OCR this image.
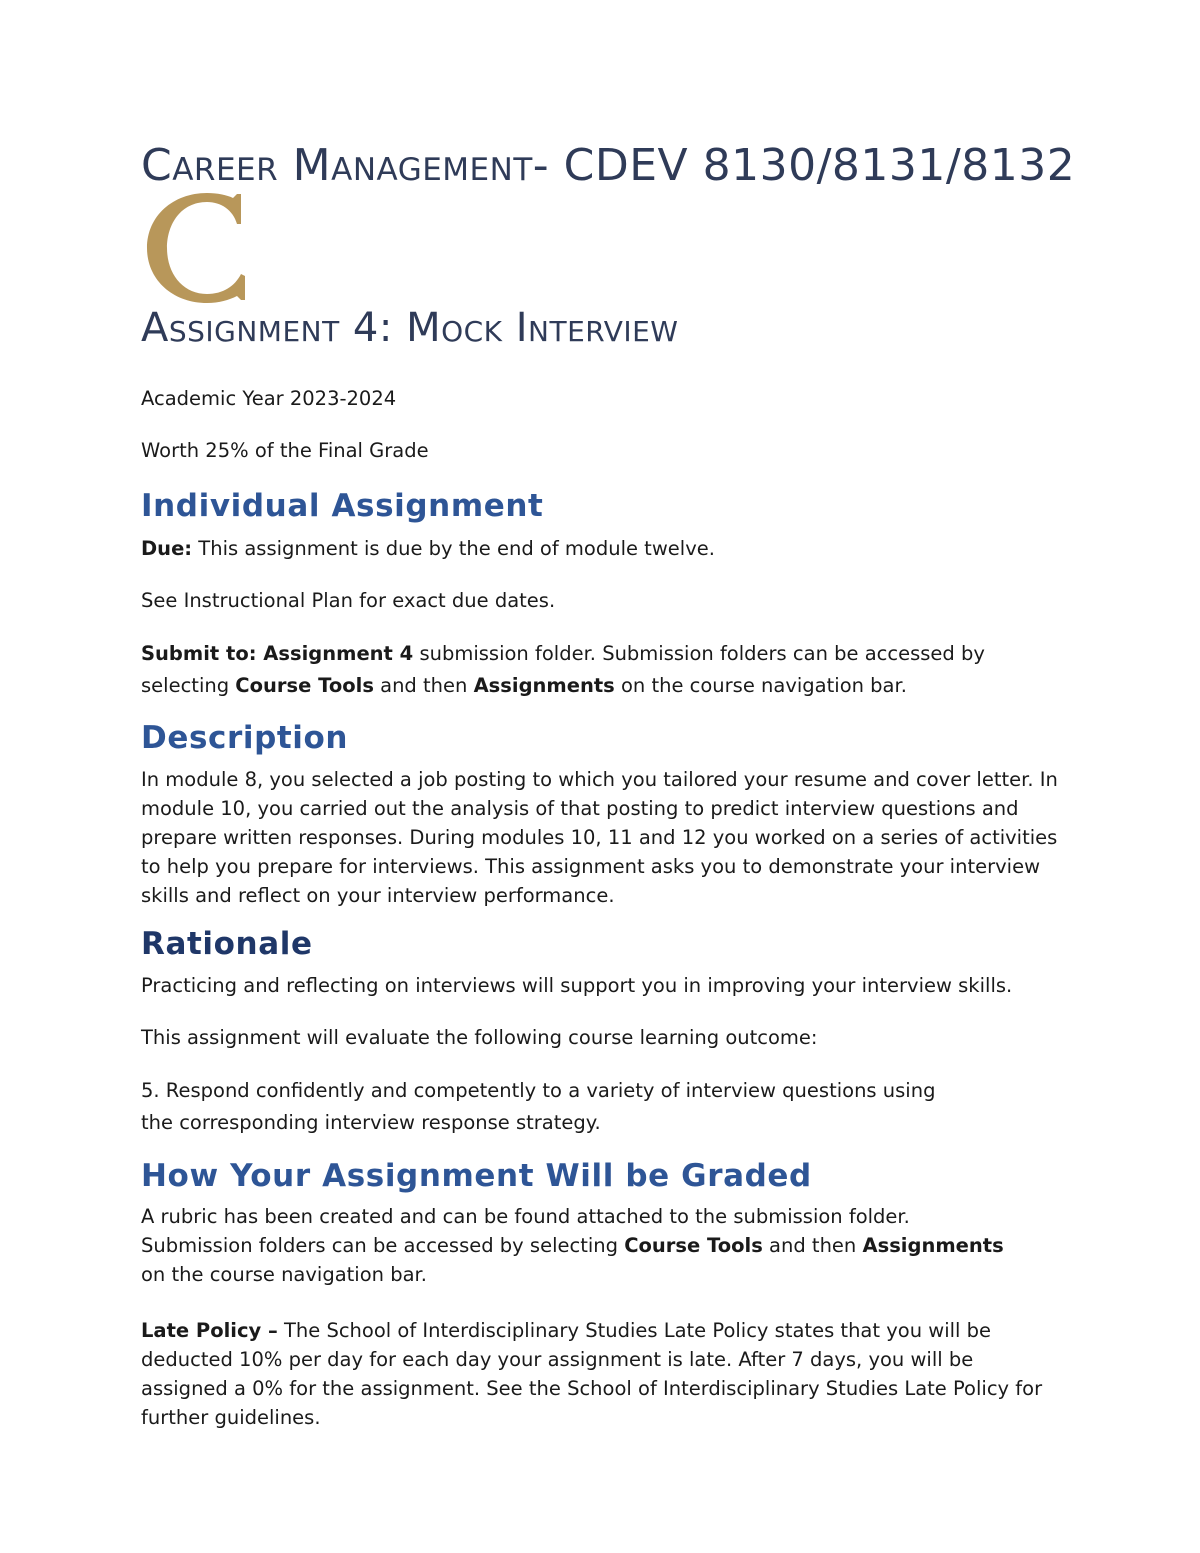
Career Management- CDEV 8130/8131/8132
Assignment 4: Mock Interview

Academic Year 2023-2024

Worth 25% of the Final Grade

Individual Assignment

Due: This assignment is due by the end of module twelve.

See Instructional Plan for exact due dates.

Submit to: Assignment 4 submission folder. Submission folders can be accessed by selecting Course Tools and then Assignments on the course navigation bar.

Description

In module 8, you selected a job posting to which you tailored your resume and cover letter. In module 10, you carried out the analysis of that posting to predict interview questions and prepare written responses. During modules 10, 11 and 12 you worked on a series of activities to help you prepare for interviews. This assignment asks you to demonstrate your interview skills and reflect on your interview performance.

Rationale

Practicing and reflecting on interviews will support you in improving your interview skills.

This assignment will evaluate the following course learning outcome:

5. Respond confidently and competently to a variety of interview questions using the corresponding interview response strategy.

How Your Assignment Will be Graded

A rubric has been created and can be found attached to the submission folder. Submission folders can be accessed by selecting Course Tools and then Assignments on the course navigation bar.

Late Policy – The School of Interdisciplinary Studies Late Policy states that you will be deducted 10% per day for each day your assignment is late. After 7 days, you will be assigned a 0% for the assignment. See the School of Interdisciplinary Studies Late Policy for further guidelines.
